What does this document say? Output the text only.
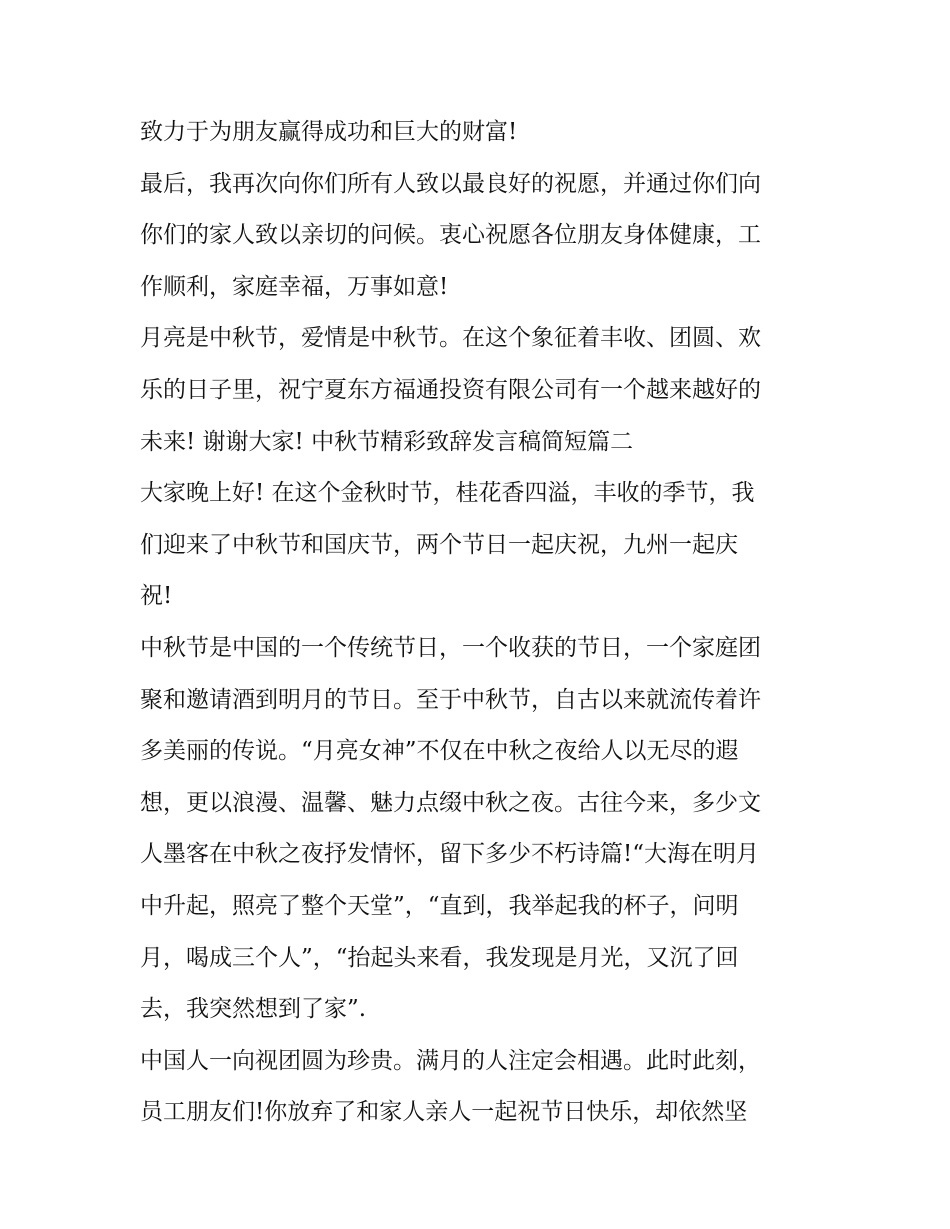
致力于为朋友赢得成功和巨大的财富!
最后，我再次向你们所有人致以最良好的祝愿，并通过你们向
你们的家人致以亲切的问候。衷心祝愿各位朋友身体健康，工
作顺利，家庭幸福，万事如意!
月亮是中秋节，爱情是中秋节。在这个象征着丰收、团圆、欢
乐的日子里，祝宁夏东方福通投资有限公司有一个越来越好的
未来! 谢谢大家! 中秋节精彩致辞发言稿简短篇二
大家晚上好! 在这个金秋时节，桂花香四溢，丰收的季节，我
们迎来了中秋节和国庆节，两个节日一起庆祝，九州一起庆
祝!
中秋节是中国的一个传统节日，一个收获的节日，一个家庭团
聚和邀请酒到明月的节日。至于中秋节，自古以来就流传着许
多美丽的传说。“月亮女神”不仅在中秋之夜给人以无尽的遐
想，更以浪漫、温馨、魅力点缀中秋之夜。古往今来，多少文
人墨客在中秋之夜抒发情怀，留下多少不朽诗篇!“大海在明月
中升起，照亮了整个天堂”，“直到，我举起我的杯子，问明
月，喝成三个人”，“抬起头来看，我发现是月光，又沉了回
去，我突然想到了家”.
中国人一向视团圆为珍贵。满月的人注定会相遇。此时此刻，
员工朋友们!你放弃了和家人亲人一起祝节日快乐，却依然坚
